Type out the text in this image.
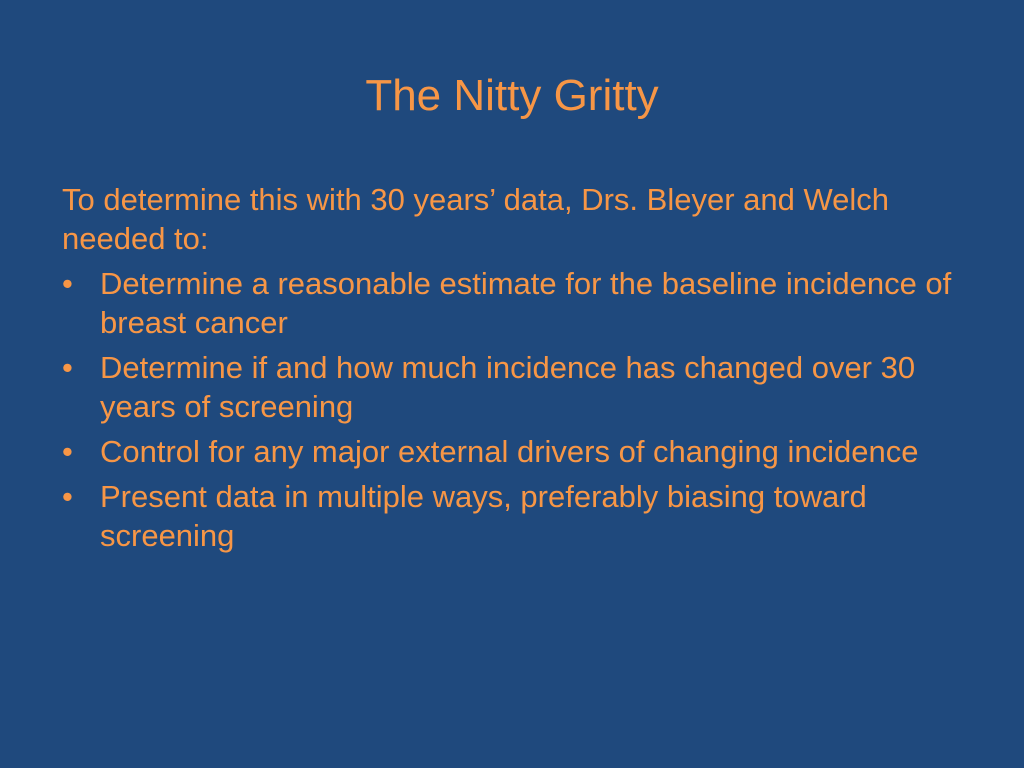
The Nitty Gritty

To determine this with 30 years’ data, Drs. Bleyer and Welch needed to:

• Determine a reasonable estimate for the baseline incidence of breast cancer
• Determine if and how much incidence has changed over 30 years of screening
• Control for any major external drivers of changing incidence
• Present data in multiple ways, preferably biasing toward screening
